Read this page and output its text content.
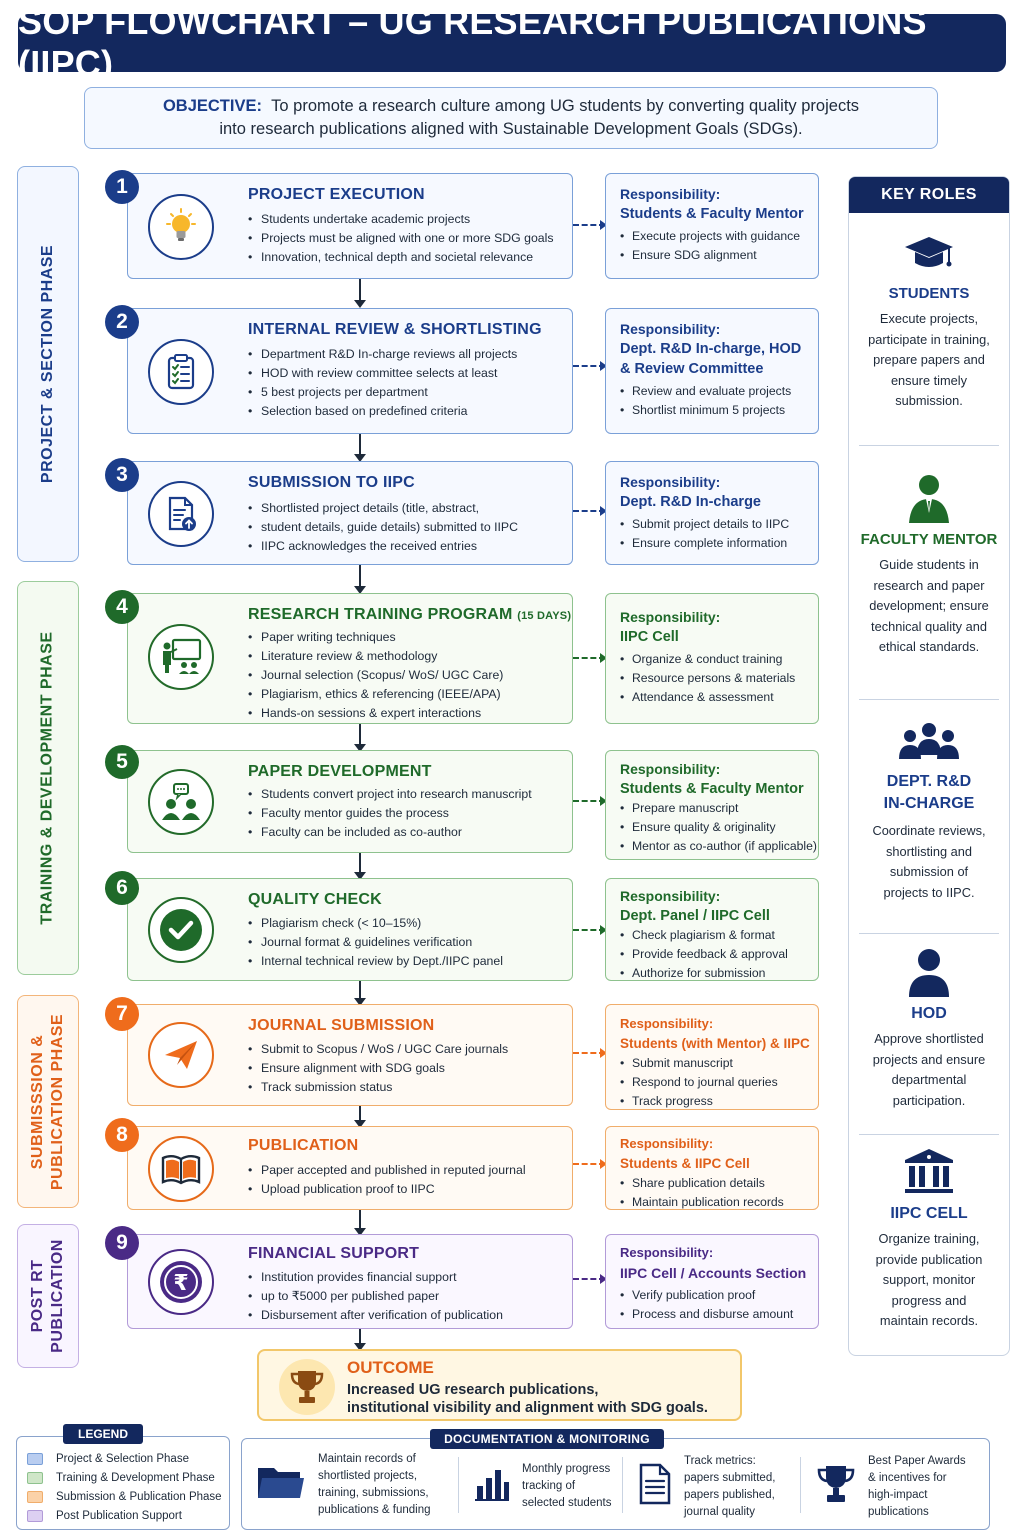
SOP FLOWCHART – UG RESEARCH PUBLICATIONS (IIPC)
OBJECTIVE: To promote a research culture among UG students by converting quality projects
into research publications aligned with Sustainable Development Goals (SDGs).
PROJECT & SECTION PHASE
TRAINING & DEVELOPMENT PHASE
SUBMISSSION & PUBLICATION PHASE
POST RT PUBLICATION
1	PROJECT EXECUTION
• Students undertake academic projects
• Projects must be aligned with one or more SDG goals
• Innovation, technical depth and societal relevance
Responsibility:
Students & Faculty Mentor
• Execute projects with guidance
• Ensure SDG alignment
2	INTERNAL REVIEW & SHORTLISTING
• Department R&D In-charge reviews all projects
• HOD with review committee selects at least
• 5 best projects per department
• Selection based on predefined criteria
Responsibility:
Dept. R&D In-charge, HOD
& Review Committee
• Review and evaluate projects
• Shortlist minimum 5 projects
3	SUBMISSION TO IIPC
• Shortlisted project details (title, abstract,
• student details, guide details) submitted to IIPC
• IIPC acknowledges the received entries
Responsibility:
Dept. R&D In-charge
• Submit project details to IIPC
• Ensure complete information
4	RESEARCH TRAINING PROGRAM (15 DAYS)
• Paper writing techniques
• Literature review & methodology
• Journal selection (Scopus/ WoS/ UGC Care)
• Plagiarism, ethics & referencing (IEEE/APA)
• Hands-on sessions & expert interactions
Responsibility:
IIPC Cell
• Organize & conduct training
• Resource persons & materials
• Attendance & assessment
5	PAPER DEVELOPMENT
• Students convert project into research manuscript
• Faculty mentor guides the process
• Faculty can be included as co-author
Responsibility:
Students & Faculty Mentor
• Prepare manuscript
• Ensure quality & originality
• Mentor as co-author (if applicable)
6
QUALITY CHECK
• Plagiarism check (< 10–15%)
• Journal format & guidelines verification
• Internal technical review by Dept./IIPC panel
Responsibility:
Dept. Panel / IIPC Cell
• Check plagiarism & format
• Provide feedback & approval
• Authorize for submission
7
JOURNAL SUBMISSION
• Submit to Scopus / WoS / UGC Care journals
• Ensure alignment with SDG goals
• Track submission status
Responsibility:
Students (with Mentor) & IIPC
• Submit manuscript
• Respond to journal queries
• Track progress
8	PUBLICATION
• Paper accepted and published in reputed journal
• Upload publication proof to IIPC
Responsibility:
Students & IIPC Cell
• Share publication details
• Maintain publication records
9
₹
FINANCIAL SUPPORT
• Institution provides financial support
• up to ₹5000 per published paper
• Disbursement after verification of publication
Responsibility:
IIPC Cell / Accounts Section
• Verify publication proof
• Process and disburse amount
OUTCOME

Increased UG research publications,
institutional visibility and alignment with SDG goals.

KEY ROLES
STUDENTS
Execute projects,
participate in training,
prepare papers and
ensure timely
submission.
FACULTY MENTOR
Guide students in
research and paper
development; ensure
technical quality and
ethical standards.
DEPT. R&D
IN-CHARGE
Coordinate reviews,
shortlisting and
submission of
projects to IIPC.
HOD
Approve shortlisted
projects and ensure
departmental
participation.
IIPC CELL
Organize training,
provide publication
support, monitor
progress and
maintain records.
LEGEND
Project & Selection Phase
Training & Development Phase
Submission & Publication Phase
Post Publication Support
DOCUMENTATION & MONITORING
Maintain records of
shortlisted projects,
training, submissions,
publications & funding
Monthly progress
tracking of
selected students
Track metrics:
papers submitted,
papers published,
journal quality
Best Paper Awards
& incentives for
high-impact
publications
